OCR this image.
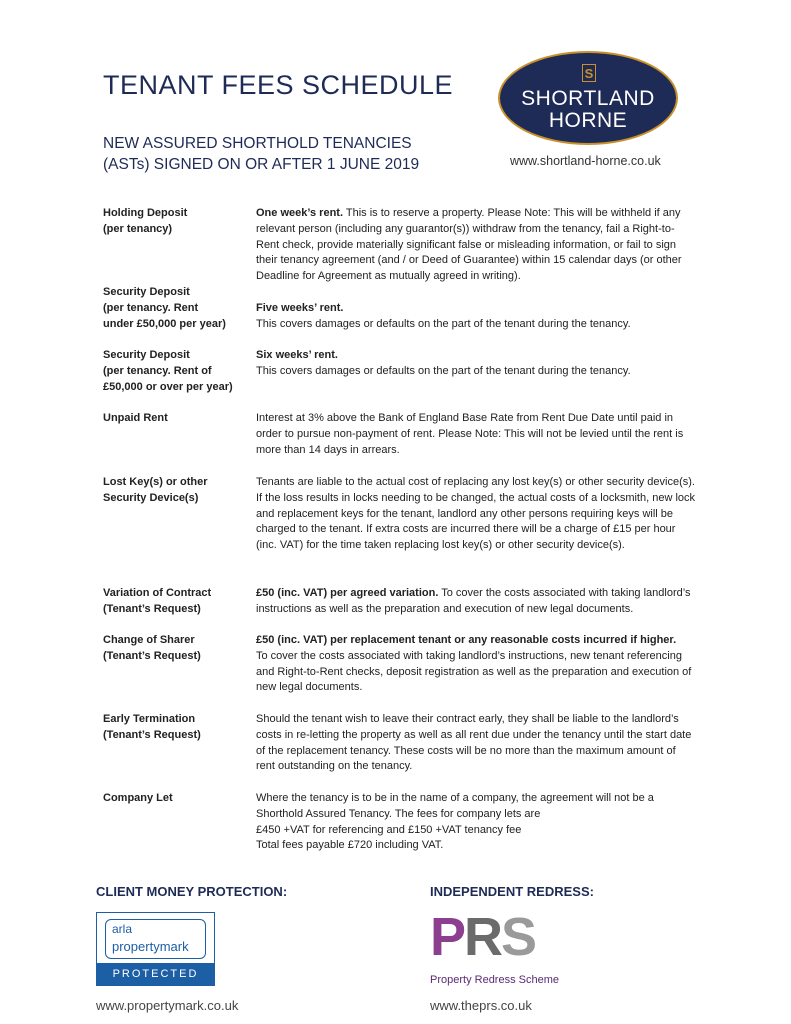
TENANT FEES SCHEDULE
NEW ASSURED SHORTHOLD TENANCIES
(ASTs) SIGNED ON OR AFTER 1 JUNE 2019
S
SHORTLAND
HORNE
www.shortland-horne.co.uk
Holding Deposit
(per tenancy)
One week’s rent. This is to reserve a property. Please Note: This will be withheld if any relevant person (including any guarantor(s)) withdraw from the tenancy, fail a Right-to-Rent check, provide materially significant false or misleading information, or fail to sign their tenancy agreement (and / or Deed of Guarantee) within 15 calendar days (or other Deadline for Agreement as mutually agreed in writing).
Security Deposit
(per tenancy. Rent
under £50,000 per year)
Five weeks’ rent.
This covers damages or defaults on the part of the tenant during the tenancy.
Security Deposit
(per tenancy. Rent of
£50,000 or over per year)
Six weeks’ rent.
This covers damages or defaults on the part of the tenant during the tenancy.
Unpaid Rent	Interest at 3% above the Bank of England Base Rate from Rent Due Date until paid in order to pursue non-payment of rent. Please Note: This will not be levied until the rent is more than 14 days in arrears.
Lost Key(s) or other
Security Device(s)
Tenants are liable to the actual cost of replacing any lost key(s) or other security device(s). If the loss results in locks needing to be changed, the actual costs of a locksmith, new lock and replacement keys for the tenant, landlord any other persons requiring keys will be charged to the tenant. If extra costs are incurred there will be a charge of £15 per hour (inc. VAT) for the time taken replacing lost key(s) or other security device(s).
Variation of Contract
(Tenant’s Request)
£50 (inc. VAT) per agreed variation. To cover the costs associated with taking landlord’s instructions as well as the preparation and execution of new legal documents.
Change of Sharer
(Tenant’s Request)
£50 (inc. VAT) per replacement tenant or any reasonable costs incurred if higher.
To cover the costs associated with taking landlord’s instructions, new tenant referencing and Right-to-Rent checks, deposit registration as well as the preparation and execution of new legal documents.
Early Termination
(Tenant’s Request)
Should the tenant wish to leave their contract early, they shall be liable to the landlord’s costs in re-letting the property as well as all rent due under the tenancy until the start date of the replacement tenancy. These costs will be no more than the maximum amount of rent outstanding on the tenancy.
Company Let	Where the tenancy is to be in the name of a company, the agreement will not be a Shorthold Assured Tenancy. The fees for company lets are
£450 +VAT for referencing and £150 +VAT tenancy fee
Total fees payable £720 including VAT.
CLIENT MONEY PROTECTION:	INDEPENDENT REDRESS:
arla
propertymark
PROTECTED
PRS
Property Redress Scheme
www.propertymark.co.uk	www.theprs.co.uk
